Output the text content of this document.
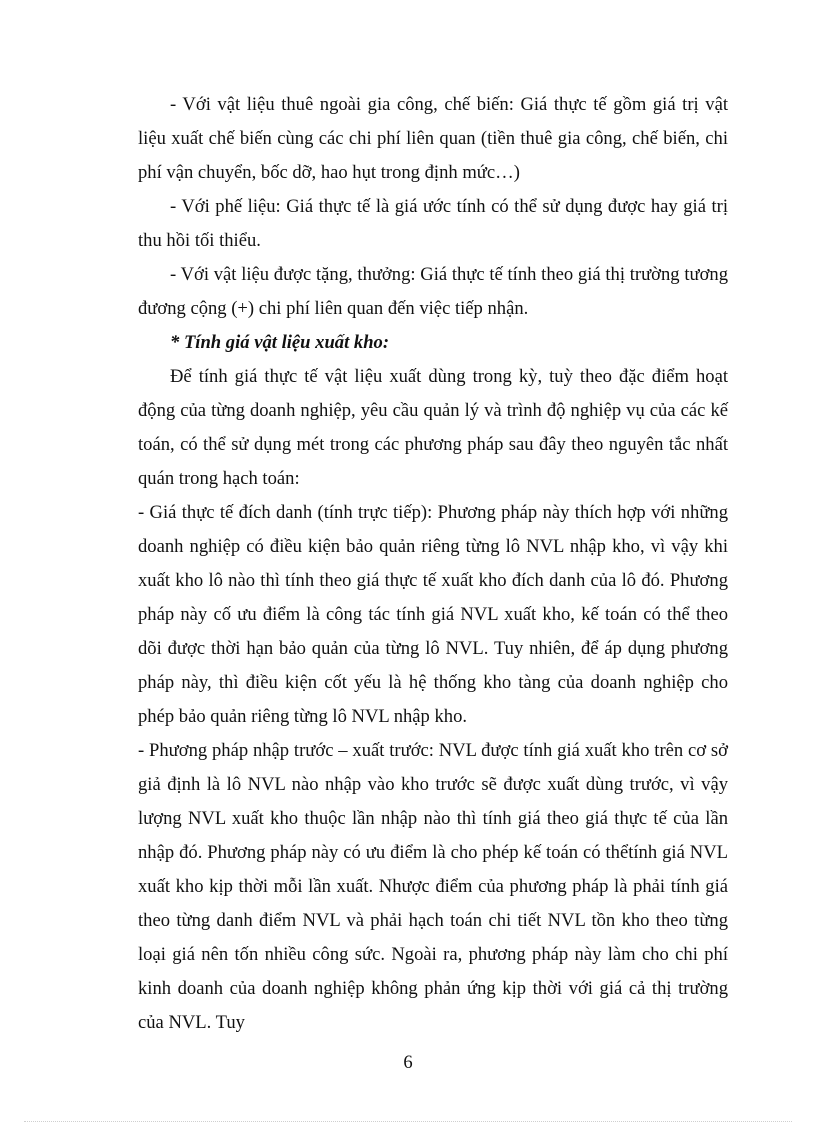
- Với vật liệu thuê ngoài gia công, chế biến: Giá thực tế gồm giá trị vật liệu xuất chế biến cùng các chi phí liên quan (tiền thuê gia công, chế biến, chi phí vận chuyển, bốc dỡ, hao hụt trong định mức…)

- Với phế liệu: Giá thực tế là giá ước tính có thể sử dụng được hay giá trị thu hồi tối thiểu.

- Với vật liệu được tặng, thưởng: Giá thực tế tính theo giá thị trường tương đương cộng (+) chi phí liên quan đến việc tiếp nhận.

* Tính giá vật liệu xuất kho:

Để tính giá thực tế vật liệu xuất dùng trong kỳ, tuỳ theo đặc điểm hoạt động của từng doanh nghiệp, yêu cầu quản lý và trình độ nghiệp vụ của các kế toán, có thể sử dụng mét trong các phương pháp sau đây theo nguyên tắc nhất quán trong hạch toán:

- Giá thực tế đích danh (tính trực tiếp): Phương pháp này thích hợp với những doanh nghiệp có điều kiện bảo quản riêng từng lô NVL nhập kho, vì vậy khi xuất kho lô nào thì tính theo giá thực tế xuất kho đích danh của lô đó. Phương pháp này cố ưu điểm là công tác tính giá NVL xuất kho, kế toán có thể theo dõi được thời hạn bảo quản của từng lô NVL. Tuy nhiên, để áp dụng phương pháp này, thì điều kiện cốt yếu là hệ thống kho tàng của doanh nghiệp cho phép bảo quản riêng từng lô NVL nhập kho.

- Phương pháp nhập trước – xuất trước: NVL được tính giá xuất kho trên cơ sở giả định là lô NVL nào nhập vào kho trước sẽ được xuất dùng trước, vì vậy lượng NVL xuất kho thuộc lần nhập nào thì tính giá theo giá thực tế của lần nhập đó. Phương pháp này có ưu điểm là cho phép kế toán có thểtính giá NVL xuất kho kịp thời mỗi lần xuất. Nhược điểm của phương pháp là phải tính giá theo từng danh điểm NVL và phải hạch toán chi tiết NVL tồn kho theo từng loại giá nên tốn nhiều công sức. Ngoài ra, phương pháp này làm cho chi phí kinh doanh của doanh nghiệp không phản ứng kịp thời với giá cả thị trường của NVL. Tuy

6
